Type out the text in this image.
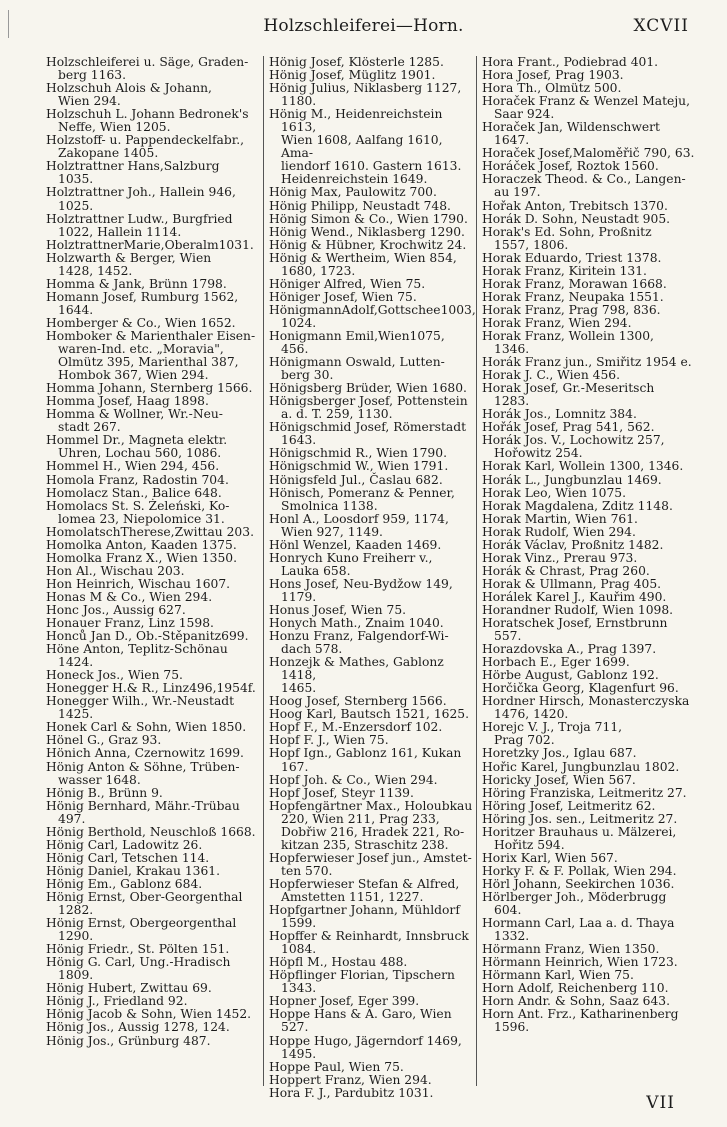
Holzschleiferei—Horn.	XCVII
Holzschleiferei u. Säge, Graden-
berg 1163.
Holzschuh Alois & Johann,
Wien 294.
Holzschuh L. Johann Bedronek's
Neffe, Wien 1205.
Holzstoff- u. Pappendeckelfabr.,
Zakopane 1405.
Holztrattner Hans,Salzburg 1035.
Holztrattner Joh., Hallein 946,
1025.
Holztrattner Ludw., Burgfried
1022, Hallein 1114.
HolztrattnerMarie,Oberalm1031.
Holzwarth & Berger, Wien
1428, 1452.
Homma & Jank, Brünn 1798.
Homann Josef, Rumburg 1562,
1644.
Homberger & Co., Wien 1652.
Homboker & Marienthaler Eisen-
waren-Ind. etc. „Moravia",
Olmütz 395, Marienthal 387,
Hombok 367, Wien 294.
Homma Johann, Sternberg 1566.
Homma Josef, Haag 1898.
Homma & Wollner, Wr.-Neu-
stadt 267.
Hommel Dr., Magneta elektr.
Uhren, Lochau 560, 1086.
Hommel H., Wien 294, 456.
Homola Franz, Radostin 704.
Homolacz Stan., Balice 648.
Homolacs St. S. Żeleński, Ko-
lomea 23, Niepolomice 31.
HomolatschTherese,Zwittau 203.
Homolka Anton, Kaaden 1375.
Homolka Franz X., Wien 1350.
Hon Al., Wischau 203.
Hon Heinrich, Wischau 1607.
Honas M & Co., Wien 294.
Honc Jos., Aussig 627.
Honauer Franz, Linz 1598.
Honců Jan D., Ob.-Stěpanitz699.
Höne Anton, Teplitz-Schönau
1424.
Honeck Jos., Wien 75.
Honegger H.& R., Linz496,1954f.
Honegger Wilh., Wr.-Neustadt
1425.
Honek Carl & Sohn, Wien 1850.
Hönel G., Graz 93.
Hönich Anna, Czernowitz 1699.
Hönig Anton & Söhne, Trüben-
wasser 1648.
Hönig B., Brünn 9.
Hönig Bernhard, Mähr.-Trübau
497.
Hönig Berthold, Neuschloß 1668.
Hönig Carl, Ladowitz 26.
Hönig Carl, Tetschen 114.
Hönig Daniel, Krakau 1361.
Hönig Em., Gablonz 684.
Hönig Ernst, Ober-Georgenthal
1282.
Hönig Ernst, Obergeorgenthal
1290.
Hönig Friedr., St. Pölten 151.
Hönig G. Carl, Ung.-Hradisch
1809.
Hönig Hubert, Zwittau 69.
Hönig J., Friedland 92.
Hönig Jacob & Sohn, Wien 1452.
Hönig Jos., Aussig 1278, 124.
Hönig Jos., Grünburg 487.
Hönig Josef, Klösterle 1285.
Hönig Josef, Müglitz 1901.
Hönig Julius, Niklasberg 1127,
1180.
Hönig M., Heidenreichstein 1613,
Wien 1608, Aalfang 1610, Ama-
liendorf 1610. Gastern 1613.
Heidenreichstein 1649.
Hönig Max, Paulowitz 700.
Hönig Philipp, Neustadt 748.
Hönig Simon & Co., Wien 1790.
Hönig Wend., Niklasberg 1290.
Hönig & Hübner, Krochwitz 24.
Hönig & Wertheim, Wien 854,
1680, 1723.
Höniger Alfred, Wien 75.
Höniger Josef, Wien 75.
HönigmannAdolf,Gottschee1003,
1024.
Honigmann Emil,Wien1075, 456.
Hönigmann Oswald, Lutten-
berg 30.
Hönigsberg Brüder, Wien 1680.
Hönigsberger Josef, Pottenstein
a. d. T. 259, 1130.
Hönigschmid Josef, Römerstadt
1643.
Hönigschmid R., Wien 1790.
Hönigschmid W., Wien 1791.
Hönigsfeld Jul., Časlau 682.
Hönisch, Pomeranz & Penner,
Smolnica 1138.
Honl A., Loosdorf 959, 1174,
Wien 927, 1149.
Hönl Wenzel, Kaaden 1469.
Honrych Kuno Freiherr v.,
Lauka 658.
Hons Josef, Neu-Bydžow 149,
1179.
Honus Josef, Wien 75.
Honych Math., Znaim 1040.
Honzu Franz, Falgendorf-Wi-
dach 578.
Honzejk & Mathes, Gablonz 1418,
1465.
Hoog Josef, Sternberg 1566.
Hoog Karl, Bautsch 1521, 1625.
Hopf F., M.-Enzersdorf 102.
Hopf F. J., Wien 75.
Hopf Ign., Gablonz 161, Kukan
167.
Hopf Joh. & Co., Wien 294.
Hopf Josef, Steyr 1139.
Hopfengärtner Max., Holoubkau
220, Wien 211, Prag 233,
Dobřiw 216, Hradek 221, Ro-
kitzan 235, Straschitz 238.
Hopferwieser Josef jun., Amstet-
ten 570.
Hopferwieser Stefan & Alfred,
Amstetten 1151, 1227.
Hopfgartner Johann, Mühldorf
1599.
Hopffer & Reinhardt, Innsbruck
1084.
Höpfl M., Hostau 488.
Höpflinger Florian, Tipschern
1343.
Hopner Josef, Eger 399.
Hoppe Hans & A. Garo, Wien
527.
Hoppe Hugo, Jägerndorf 1469,
1495.
Hoppe Paul, Wien 75.
Hoppert Franz, Wien 294.
Hora F. J., Pardubitz 1031.
Hora Frant., Podiebrad 401.
Hora Josef, Prag 1903.
Hora Th., Olmütz 500.
Horaček Franz & Wenzel Mateju,
Saar 924.
Horaček Jan, Wildenschwert
1647.
Horaček Josef,Maloměřič 790, 63.
Horáček Josef, Roztok 1560.
Horaczek Theod. & Co., Langen-
au 197.
Hořak Anton, Trebitsch 1370.
Horák D. Sohn, Neustadt 905.
Horak's Ed. Sohn, Proßnitz
1557, 1806.
Horak Eduardo, Triest 1378.
Horak Franz, Kiritein 131.
Horak Franz, Morawan 1668.
Horak Franz, Neupaka 1551.
Horak Franz, Prag 798, 836.
Horak Franz, Wien 294.
Horak Franz, Wollein 1300,
1346.
Horák Franz jun., Smiřitz 1954 e.
Horak J. C., Wien 456.
Horak Josef, Gr.-Meseritsch
1283.
Horák Jos., Lomnitz 384.
Hořák Josef, Prag 541, 562.
Horák Jos. V., Lochowitz 257,
Hořowitz 254.
Horak Karl, Wollein 1300, 1346.
Horák L., Jungbunzlau 1469.
Horak Leo, Wien 1075.
Horak Magdalena, Zditz 1148.
Horak Martin, Wien 761.
Horak Rudolf, Wien 294.
Horák Václav, Proßnitz 1482.
Horak Vinz., Prerau 973.
Horák & Chrast, Prag 260.
Horak & Ullmann, Prag 405.
Horálek Karel J., Kauřim 490.
Horandner Rudolf, Wien 1098.
Horatschek Josef, Ernstbrunn
557.
Horazdovska A., Prag 1397.
Horbach E., Eger 1699.
Hörbe August, Gablonz 192.
Horčička Georg, Klagenfurt 96.
Hordner Hirsch, Monasterczyska
1476, 1420.
Horejc V. J., Troja 711,
Prag 702.
Horetzky Jos., Iglau 687.
Hořic Karel, Jungbunzlau 1802.
Horicky Josef, Wien 567.
Höring Franziska, Leitmeritz 27.
Höring Josef, Leitmeritz 62.
Höring Jos. sen., Leitmeritz 27.
Horitzer Brauhaus u. Mälzerei,
Hořitz 594.
Horix Karl, Wien 567.
Horky F. & F. Pollak, Wien 294.
Hörl Johann, Seekirchen 1036.
Hörlberger Joh., Möderbrugg
604.
Hormann Carl, Laa a. d. Thaya
1332.
Hörmann Franz, Wien 1350.
Hörmann Heinrich, Wien 1723.
Hörmann Karl, Wien 75.
Horn Adolf, Reichenberg 110.
Horn Andr. & Sohn, Saaz 643.
Horn Ant. Frz., Katharinenberg
1596.
VII
